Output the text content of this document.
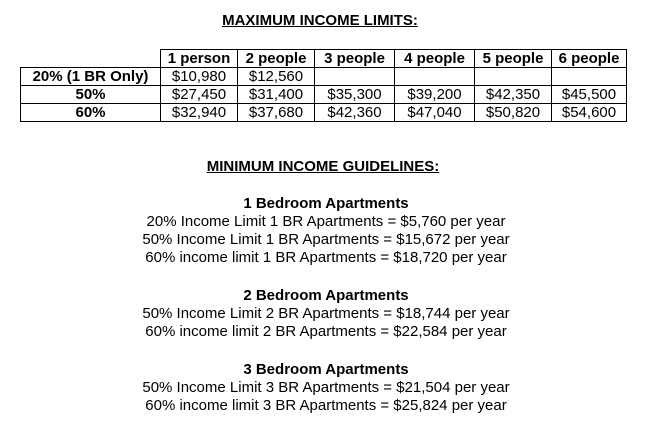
MAXIMUM INCOME LIMITS:
	1 person	2 people	3 people	4 people	5 people	6 people
20% (1 BR Only)	$10,980	$12,560				
50%	$27,450	$31,400	$35,300	$39,200	$42,350	$45,500
60%	$32,940	$37,680	$42,360	$47,040	$50,820	$54,600
MINIMUM INCOME GUIDELINES:
1 Bedroom Apartments
20% Income Limit 1 BR Apartments = $5,760 per year
50% Income Limit 1 BR Apartments = $15,672 per year
60% income limit 1 BR Apartments = $18,720 per year
2 Bedroom Apartments
50% Income Limit 2 BR Apartments = $18,744 per year
60% income limit 2 BR Apartments = $22,584 per year
3 Bedroom Apartments
50% Income Limit 3 BR Apartments = $21,504 per year
60% income limit 3 BR Apartments = $25,824 per year
